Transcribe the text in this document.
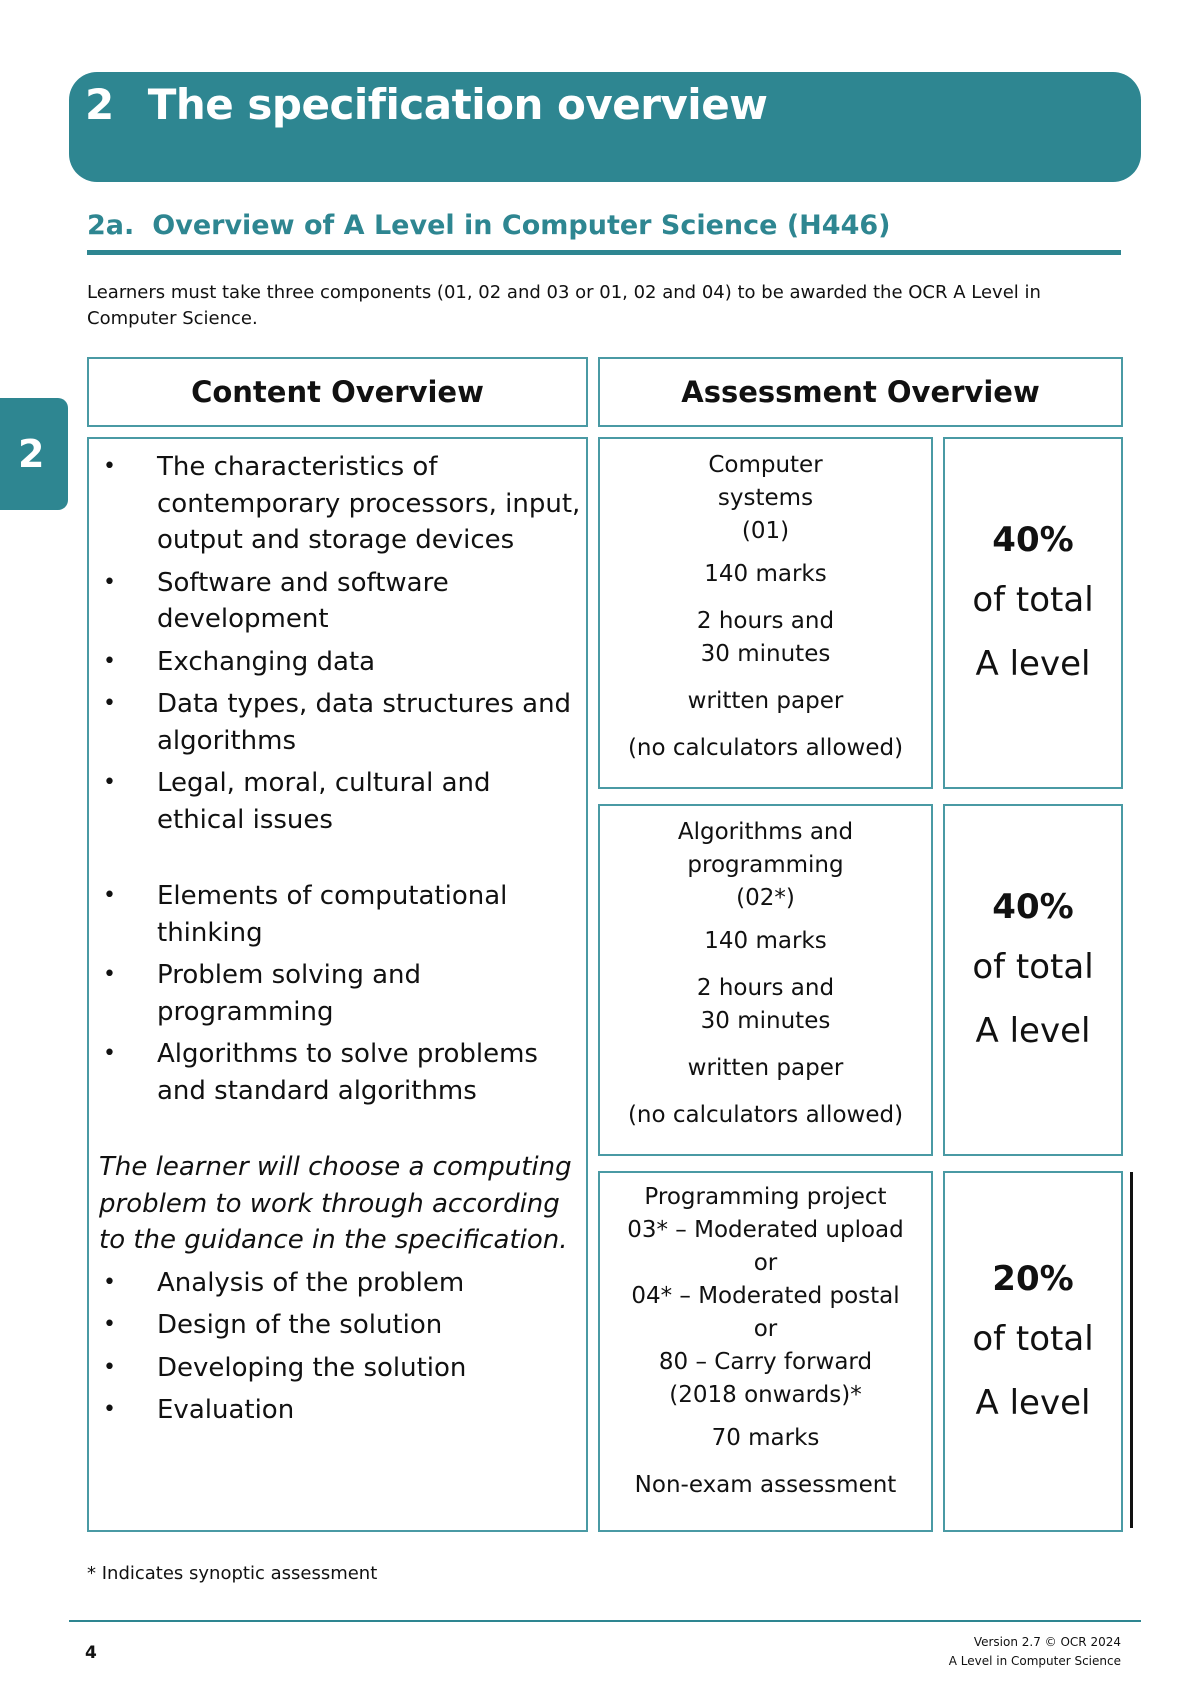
2 The specification overview
2
2a. Overview of A Level in Computer Science (H446)
Learners must take three components (01, 02 and 03 or 01, 02 and 04) to be awarded the OCR A Level in Computer Science.
Content Overview	Assessment Overview
• The characteristics of contemporary processors, input, output and storage devices
• Software and software development
• Exchanging data
• Data types, data structures and algorithms
• Legal, moral, cultural and ethical issues
• Elements of computational thinking
• Problem solving and programming
• Algorithms to solve problems and standard algorithms

The learner will choose a computing problem to work through according to the guidance in the specification.

• Analysis of the problem
• Design of the solution
• Developing the solution
• Evaluation
Computer
systems
(01)
140 marks
2 hours and
30 minutes
written paper
(no calculators allowed)
40%
of total
A level
Algorithms and
programming
(02*)
140 marks
2 hours and
30 minutes
written paper
(no calculators allowed)
40%
of total
A level
Programming project
03* – Moderated upload
or
04* – Moderated postal
or
80 – Carry forward
(2018 onwards)*
70 marks
Non-exam assessment
20%
of total
A level
* Indicates synoptic assessment
4
Version 2.7 © OCR 2024
A Level in Computer Science
